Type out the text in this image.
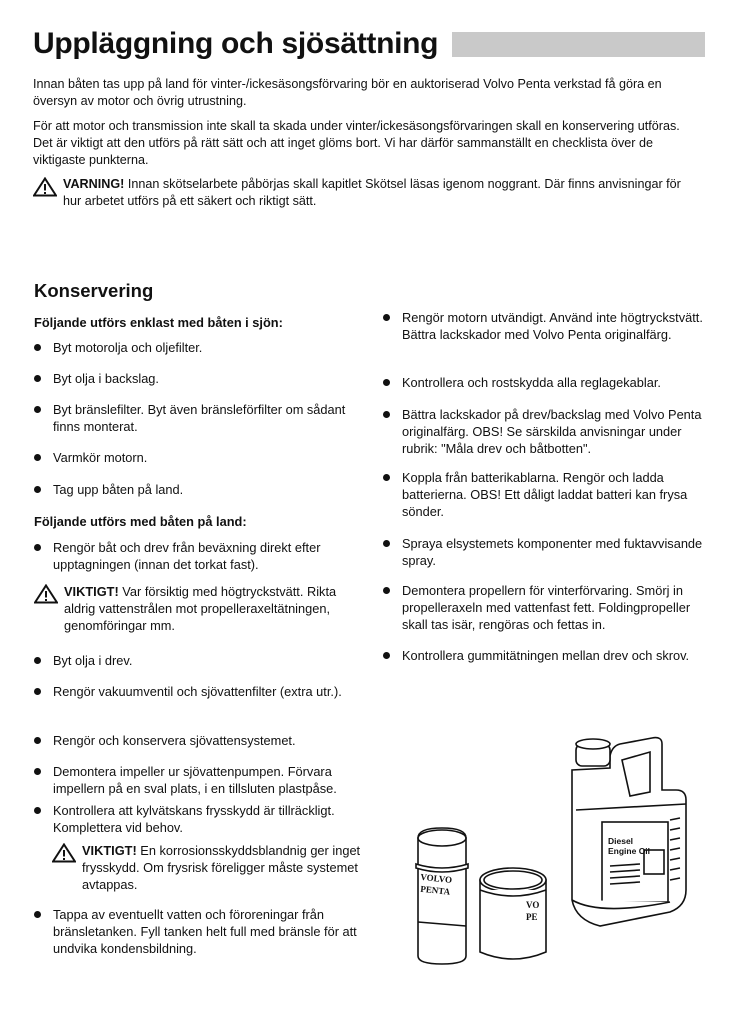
Uppläggning och sjösättning

Innan båten tas upp på land för vinter-/ickesäsongsförvaring bör en auktoriserad Volvo Penta verkstad få göra en översyn av motor och övrig utrustning.

För att motor och transmission inte skall ta skada under vinter/ickesäsongsförvaringen skall en konservering utföras. Det är viktigt att den utförs på rätt sätt och att inget glöms bort. Vi har därför sammanställt en checklista över de viktigaste punkterna.

VARNING! Innan skötselarbete påbörjas skall kapitlet Skötsel läsas igenom noggrant. Där finns anvisningar för hur arbetet utförs på ett säkert och riktigt sätt.
Konservering
Följande utförs enklast med båten i sjön:
Byt motorolja och oljefilter.
Byt olja i backslag.
Byt bränslefilter. Byt även bränsleförfilter om sådant finns monterat.
Varmkör motorn.
Tag upp båten på land.
Följande utförs med båten på land:
Rengör båt och drev från beväxning direkt efter upptagningen (innan det torkat fast).
VIKTIGT! Var försiktig med högtryckstvätt. Rikta aldrig vattenstrålen mot propelleraxeltätningen, genomföringar mm.
Byt olja i drev.
Rengör vakuumventil och sjövattenfilter (extra utr.).
Rengör och konservera sjövattensystemet.
Demontera impeller ur sjövattenpumpen. Förvara impellern på en sval plats, i en tillsluten plastpåse.
Kontrollera att kylvätskans frysskydd är tillräckligt. Komplettera vid behov.
VIKTIGT! En korrosionsskyddsblandnig ger inget frysskydd. Om frysrisk föreligger måste systemet avtappas.
Tappa av eventuellt vatten och föroreningar från bränsletanken. Fyll tanken helt full med bränsle för att undvika kondensbildning.
Rengör motorn utvändigt. Använd inte högtryckstvätt. Bättra lackskador med Volvo Penta originalfärg.
Kontrollera och rostskydda alla reglagekablar.
Bättra lackskador på drev/backslag med Volvo Penta originalfärg. OBS! Se särskilda anvisningar under rubrik: "Måla drev och båtbotten".
Koppla från batterikablarna. Rengör och ladda batterierna. OBS! Ett dåligt laddat batteri kan frysa sönder.
Spraya elsystemets komponenter med fuktavvisande spray.
Demontera propellern för vinterförvaring. Smörj in propelleraxeln med vattenfast fett. Foldingpropeller skall tas isär, rengöras och fettas in.
Kontrollera gummitätningen mellan drev och skrov.
VOLVO
PENTA
VO
PE
Diesel
Engine Oil
